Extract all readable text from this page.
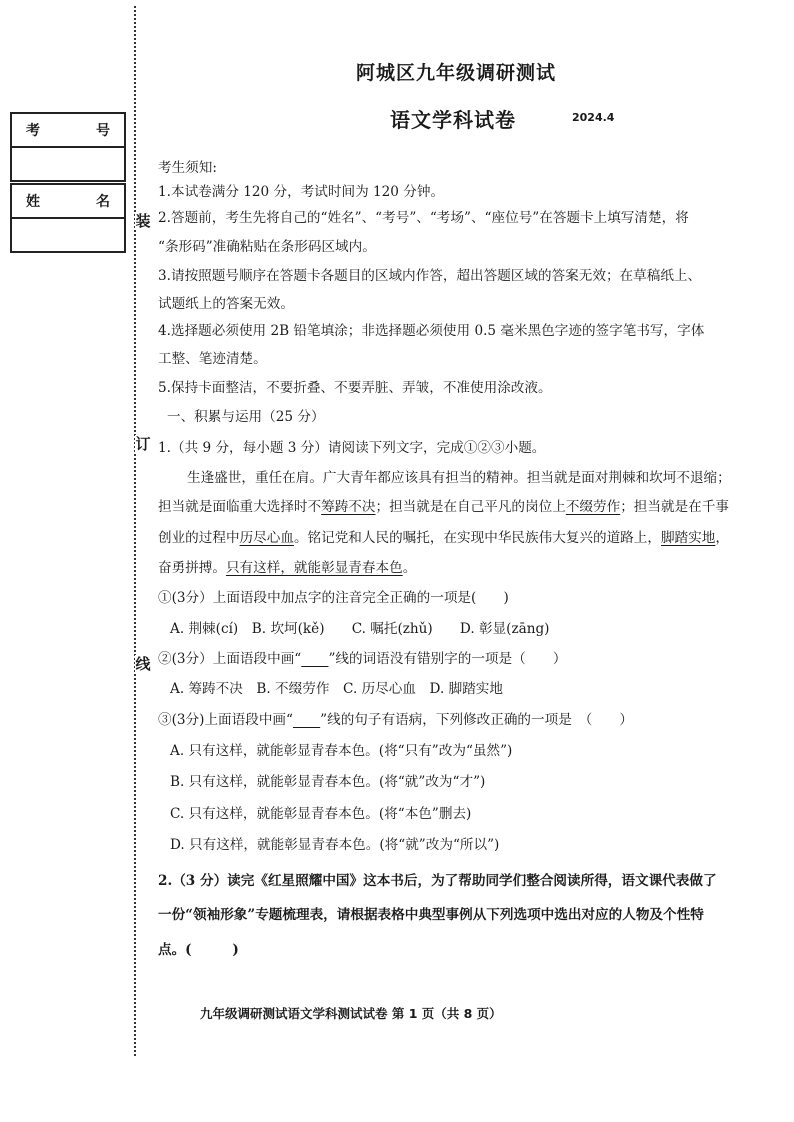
装
订
线
考	号
姓	名
阿城区九年级调研测试
语文学科试卷	2024.4
考生须知:
1.本试卷满分 120 分，考试时间为 120 分钟。
2.答题前，考生先将自己的“姓名”、“考号”、“考场”、“座位号”在答题卡上填写清楚，将
“条形码”准确粘贴在条形码区域内。
3.请按照题号顺序在答题卡各题目的区域内作答，超出答题区域的答案无效；在草稿纸上、
试题纸上的答案无效。
4.选择题必须使用 2B 铅笔填涂；非选择题必须使用 0.5 毫米黑色字迹的签字笔书写，字体
工整、笔迹清楚。
5.保持卡面整洁，不要折叠、不要弄脏、弄皱，不准使用涂改液。
一、积累与运用（25 分）
1.（共 9 分，每小题 3 分）请阅读下列文字，完成①②③小题。
生逢盛世，重任在肩。广大青年都应该具有担当的精神。担当就是面对荆棘和坎坷不退缩；
担当就是面临重大选择时不筹踌不决；担当就是在自己平凡的岗位上不缀劳作；担当就是在千事
创业的过程中历尽心血。铭记党和人民的嘱托，在实现中华民族伟大复兴的道路上，脚踏实地，
奋勇拼搏。只有这样，就能彰显青春本色。
①(3分）上面语段中加点字的注音完全正确的一项是(　　)
A. 荆棘(cí)　B. 坎坷(kě)　　C. 嘱托(zhǔ)　　D. 彰显(zāng)
②(3分）上面语段中画“　　 ”线的词语没有错别字的一项是（　　）
A. 筹踌不决　B. 不缀劳作　C. 历尽心血　D. 脚踏实地
③(3分)上面语段中画“　　 ”线的句子有语病，下列修改正确的一项是　（　　）
A. 只有这样，就能彰显青春本色。(将“只有”改为“虽然”)
B. 只有这样，就能彰显青春本色。(将“就”改为“才”)
C. 只有这样，就能彰显青春本色。(将“本色”删去)
D. 只有这样，就能彰显青春本色。(将“就”改为“所以”)
2.（3 分）读完《红星照耀中国》这本书后，为了帮助同学们整合阅读所得，语文课代表做了
一份“领袖形象”专题梳理表，请根据表格中典型事例从下列选项中选出对应的人物及个性特
点。(　　　)
九年级调研测试语文学科测试试卷 第 1 页（共 8 页）
